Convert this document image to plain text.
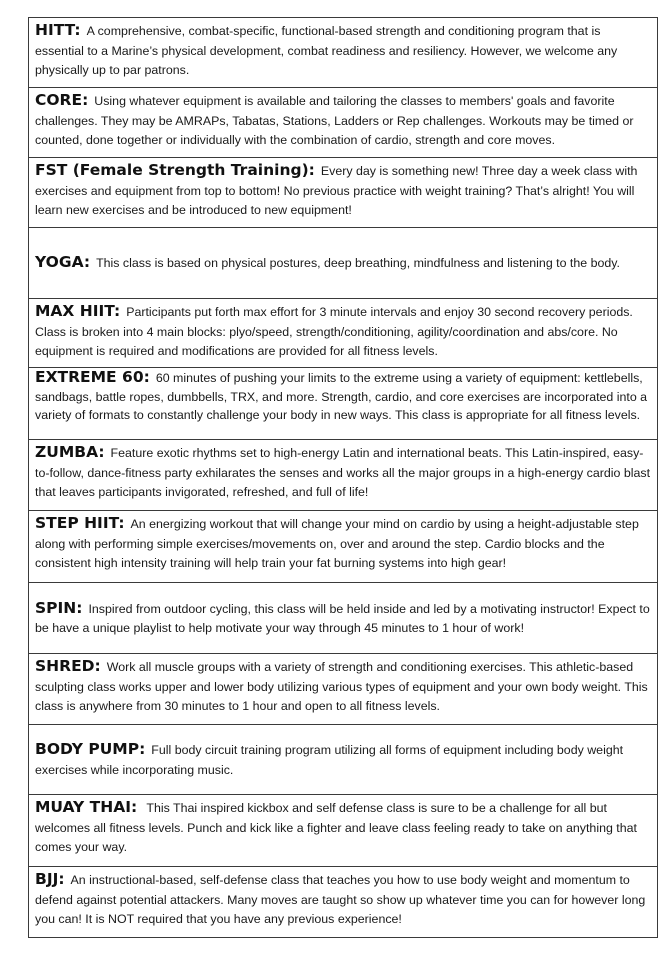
HITT: A comprehensive, combat-specific, functional-based strength and conditioning program that is essential to a Marine’s physical development, combat readiness and resiliency. However, we welcome any physically up to par patrons.
CORE: Using whatever equipment is available and tailoring the classes to members' goals and favorite challenges. They may be AMRAPs, Tabatas, Stations, Ladders or Rep challenges. Workouts may be timed or counted, done together or individually with the combination of cardio, strength and core moves.
FST (Female Strength Training): Every day is something new! Three day a week class with exercises and equipment from top to bottom! No previous practice with weight training? That’s alright! You will learn new exercises and be introduced to new equipment!
YOGA: This class is based on physical postures, deep breathing, mindfulness and listening to the body.
MAX HIIT: Participants put forth max effort for 3 minute intervals and enjoy 30 second recovery periods. Class is broken into 4 main blocks: plyo/speed, strength/conditioning, agility/coordination and abs/core. No equipment is required and modifications are provided for all fitness levels.
EXTREME 60: 60 minutes of pushing your limits to the extreme using a variety of equipment: kettlebells, sandbags, battle ropes, dumbbells, TRX, and more. Strength, cardio, and core exercises are incorporated into a variety of formats to constantly challenge your body in new ways. This class is appropriate for all fitness levels.
ZUMBA: Feature exotic rhythms set to high-energy Latin and international beats. This Latin-inspired, easy-to-follow, dance-fitness party exhilarates the senses and works all the major groups in a high-energy cardio blast that leaves participants invigorated, refreshed, and full of life!
STEP HIIT: An energizing workout that will change your mind on cardio by using a height-adjustable step along with performing simple exercises/movements on, over and around the step. Cardio blocks and the consistent high intensity training will help train your fat burning systems into high gear!
SPIN: Inspired from outdoor cycling, this class will be held inside and led by a motivating instructor! Expect to be have a unique playlist to help motivate your way through 45 minutes to 1 hour of work!
SHRED: Work all muscle groups with a variety of strength and conditioning exercises. This athletic-based sculpting class works upper and lower body utilizing various types of equipment and your own body weight. This class is anywhere from 30 minutes to 1 hour and open to all fitness levels.
BODY PUMP: Full body circuit training program utilizing all forms of equipment including body weight exercises while incorporating music.
MUAY THAI: This Thai inspired kickbox and self defense class is sure to be a challenge for all but welcomes all fitness levels. Punch and kick like a fighter and leave class feeling ready to take on anything that comes your way.
BJJ: An instructional-based, self-defense class that teaches you how to use body weight and momentum to defend against potential attackers. Many moves are taught so show up whatever time you can for however long you can! It is NOT required that you have any previous experience!
